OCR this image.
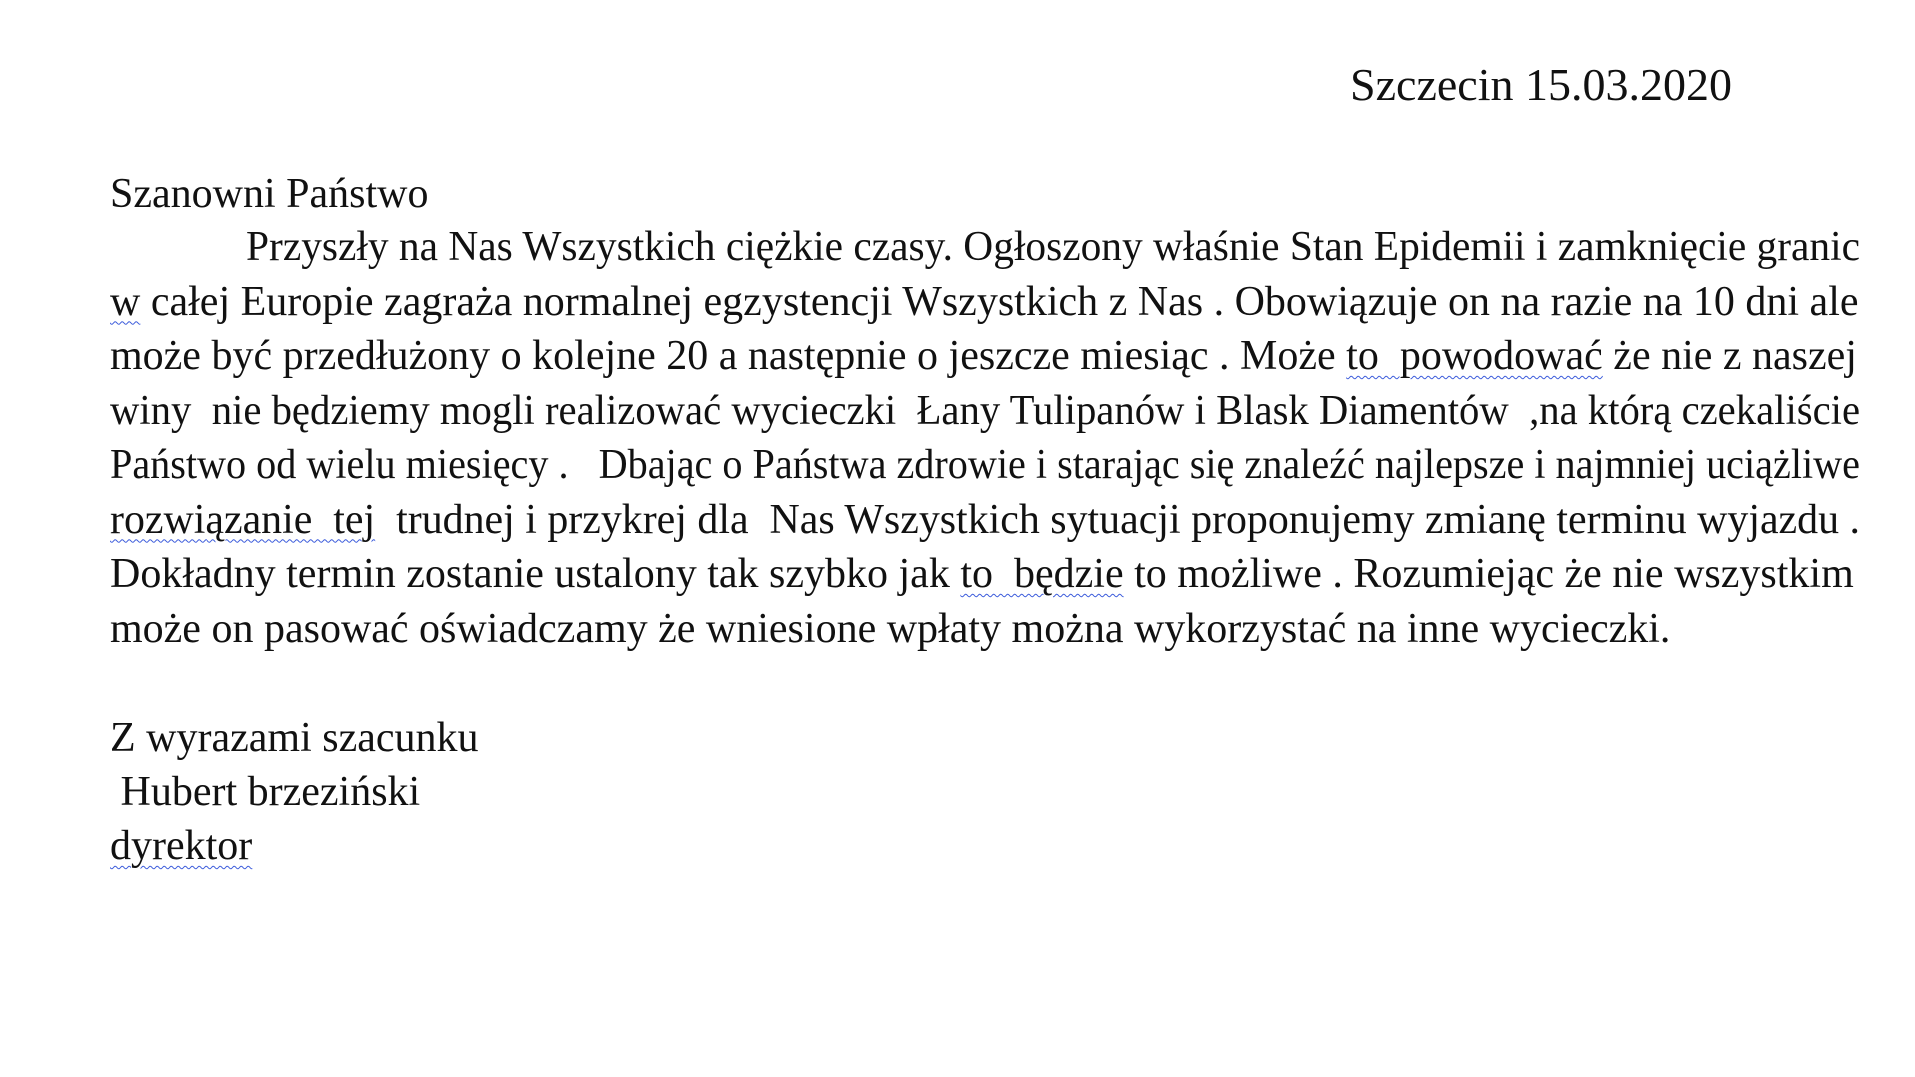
Szczecin 15.03.2020
Szanowni Państwo
Przyszły na Nas Wszystkich ciężkie czasy. Ogłoszony właśnie Stan Epidemii i zamknięcie granic
w całej Europie zagraża normalnej egzystencji Wszystkich z Nas . Obowiązuje on na razie na 10 dni ale
może być przedłużony o kolejne 20 a następnie o jeszcze miesiąc . Może to  powodować że nie z naszej
winy  nie będziemy mogli realizować wycieczki  Łany Tulipanów i Blask Diamentów  ,na którą czekaliście
Państwo od wielu miesięcy .   Dbając o Państwa zdrowie i starając się znaleźć najlepsze i najmniej uciążliwe
rozwiązanie  tej  trudnej i przykrej dla  Nas Wszystkich sytuacji proponujemy zmianę terminu wyjazdu .
Dokładny termin zostanie ustalony tak szybko jak to  będzie to możliwe . Rozumiejąc że nie wszystkim
może on pasować oświadczamy że wniesione wpłaty można wykorzystać na inne wycieczki.
Z wyrazami szacunku
Hubert brzeziński
dyrektor
